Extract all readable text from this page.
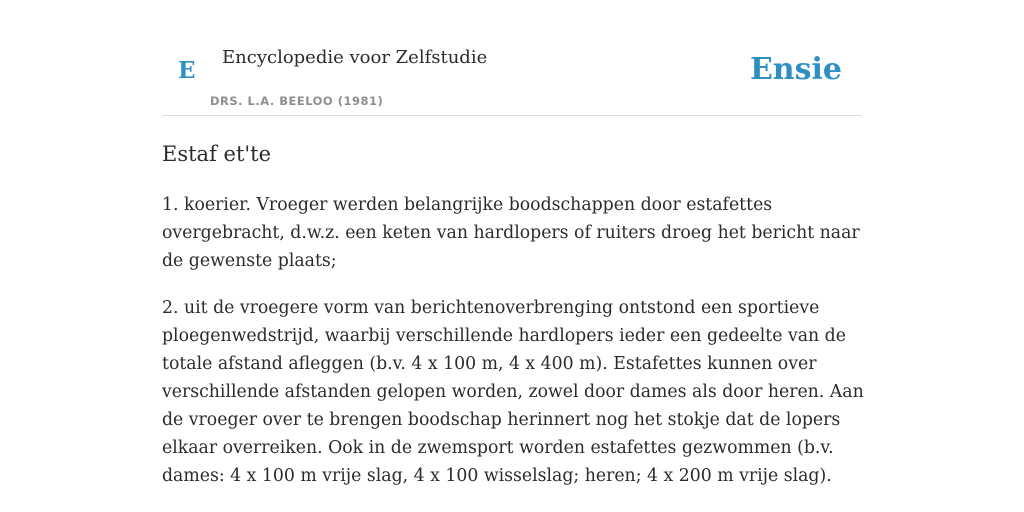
E Encyclopedie voor Zelfstudie
DRS. L.A. BEELOO (1981)
Ensie
Estaf et'te

1. koerier. Vroeger werden belangrijke boodschappen door estafettes overgebracht, d.w.z. een keten van hardlopers of ruiters droeg het bericht naar de gewenste plaats;

2. uit de vroegere vorm van berichtenoverbrenging ontstond een sportieve ploegenwedstrijd, waarbij verschillende hardlopers ieder een gedeelte van de totale afstand afleggen (b.v. 4 x 100 m, 4 x 400 m). Estafettes kunnen over verschillende afstanden gelopen worden, zowel door dames als door heren. Aan de vroeger over te brengen boodschap herinnert nog het stokje dat de lopers elkaar overreiken. Ook in de zwemsport worden estafettes gezwommen (b.v. dames: 4 x 100 m vrije slag, 4 x 100 wisselslag; heren; 4 x 200 m vrije slag).
